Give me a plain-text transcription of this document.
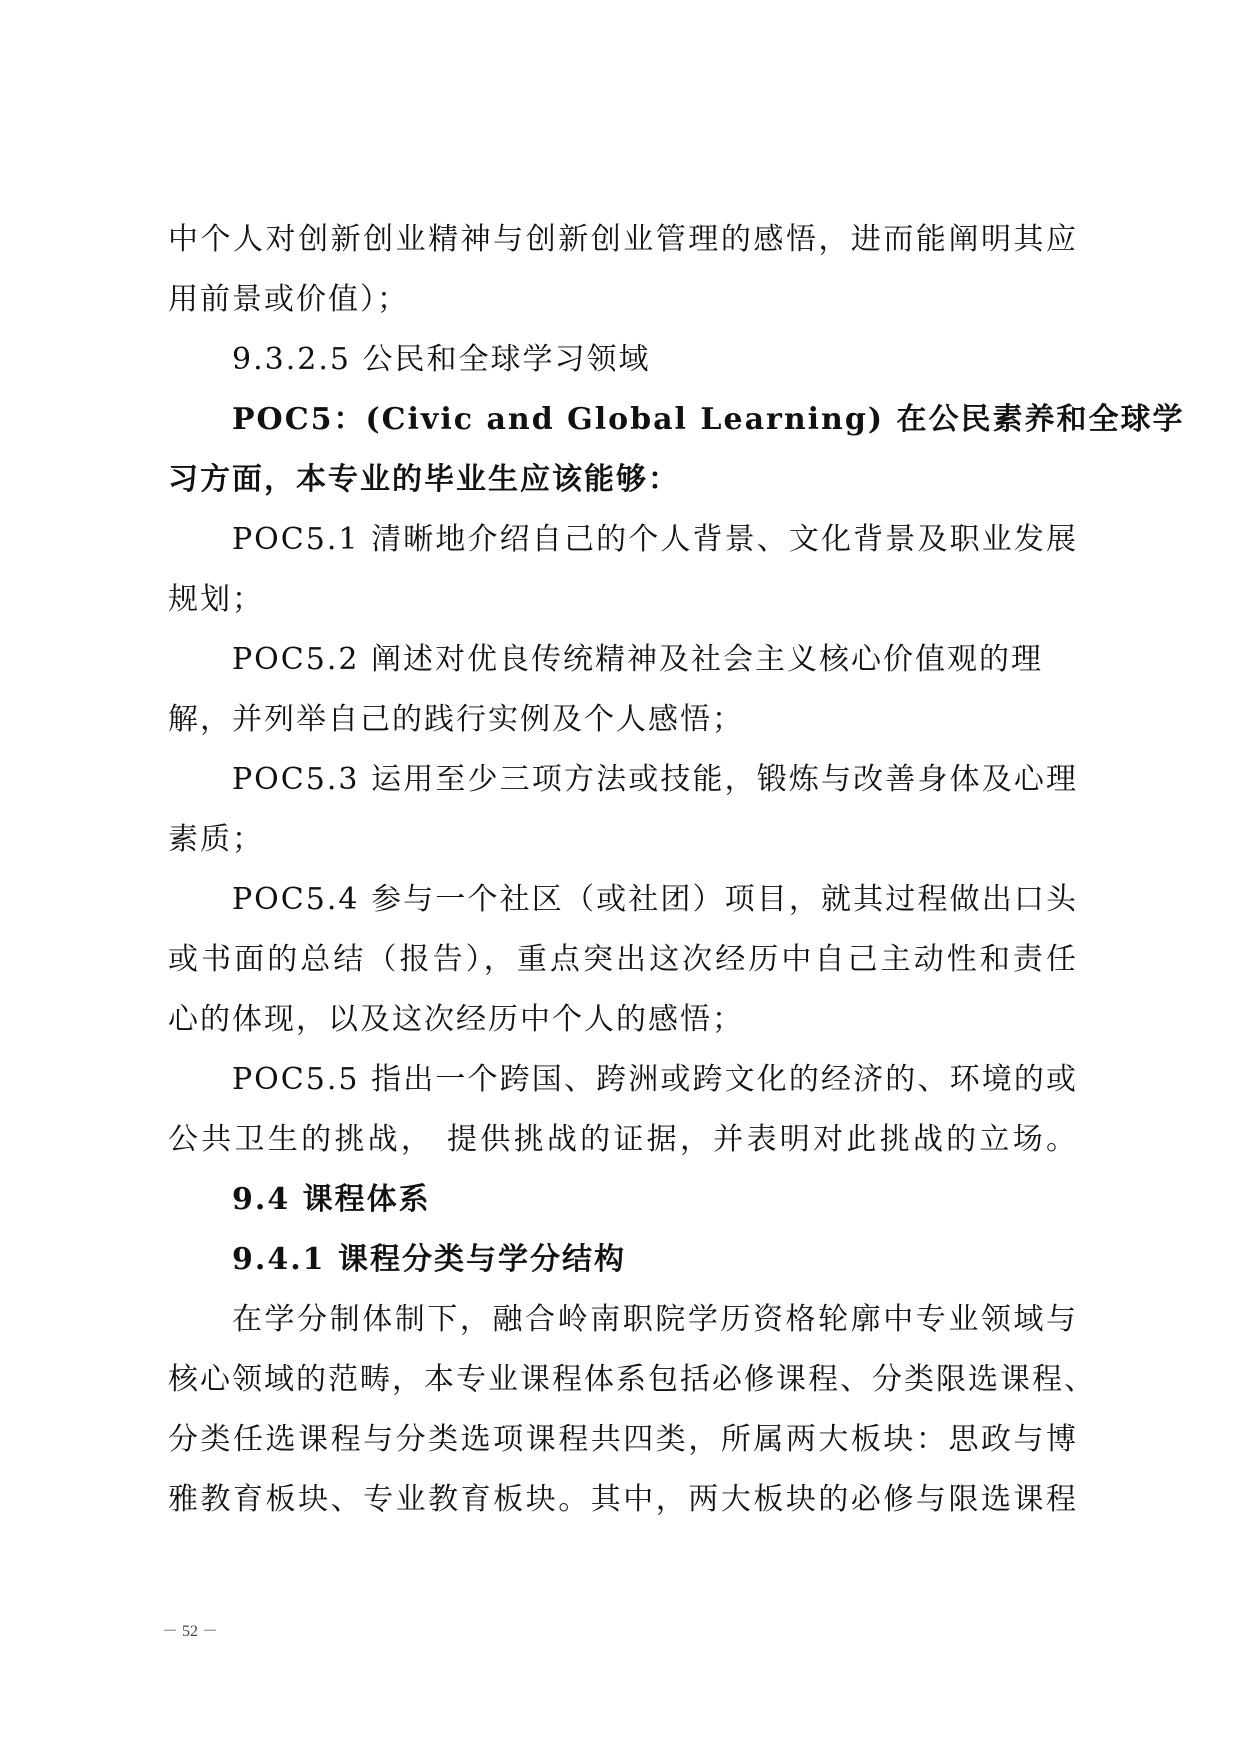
中个人对创新创业精神与创新创业管理的感悟，进而能阐明其应
用前景或价值）；
9.3.2.5 公民和全球学习领域
POC5：(Civic and Global Learning) 在公民素养和全球学
习方面，本专业的毕业生应该能够：
POC5.1 清晰地介绍自己的个人背景、文化背景及职业发展
规划；
POC5.2 阐述对优良传统精神及社会主义核心价值观的理
解，并列举自己的践行实例及个人感悟；
POC5.3 运用至少三项方法或技能，锻炼与改善身体及心理
素质；
POC5.4 参与一个社区（或社团）项目，就其过程做出口头
或书面的总结（报告），重点突出这次经历中自己主动性和责任
心的体现，以及这次经历中个人的感悟；
POC5.5 指出一个跨国、跨洲或跨文化的经济的、环境的或
公共卫生的挑战， 提供挑战的证据，并表明对此挑战的立场。
9.4 课程体系
9.4.1 课程分类与学分结构
在学分制体制下，融合岭南职院学历资格轮廓中专业领域与
核心领域的范畴，本专业课程体系包括必修课程、分类限选课程、
分类任选课程与分类选项课程共四类，所属两大板块：思政与博
雅教育板块、专业教育板块。其中，两大板块的必修与限选课程
－ 52 －
